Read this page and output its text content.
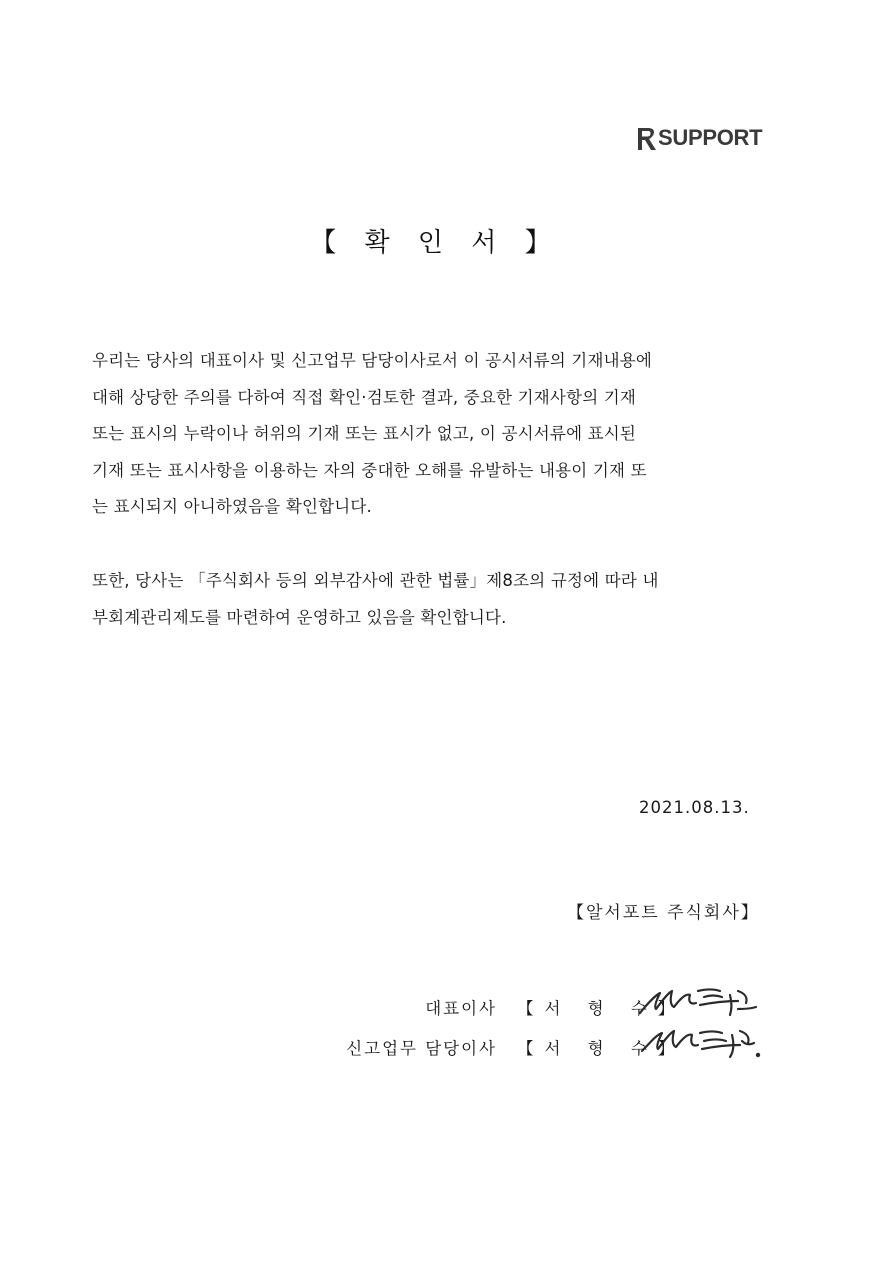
SUPPORT
【 확 인 서 】
우리는 당사의 대표이사 및 신고업무 담당이사로서 이 공시서류의 기재내용에
대해 상당한 주의를 다하여 직접 확인·검토한 결과, 중요한 기재사항의 기재
또는 표시의 누락이나 허위의 기재 또는 표시가 없고, 이 공시서류에 표시된
기재 또는 표시사항을 이용하는 자의 중대한 오해를 유발하는 내용이 기재 또
는 표시되지 아니하였음을 확인합니다.
또한, 당사는 「주식회사 등의 외부감사에 관한 법률」제8조의 규정에 따라 내
부회계관리제도를 마련하여 운영하고 있음을 확인합니다.
2021.08.13.
【알서포트 주식회사】
대표이사 【서 형 수】
신고업무 담당이사 【서 형 수】
